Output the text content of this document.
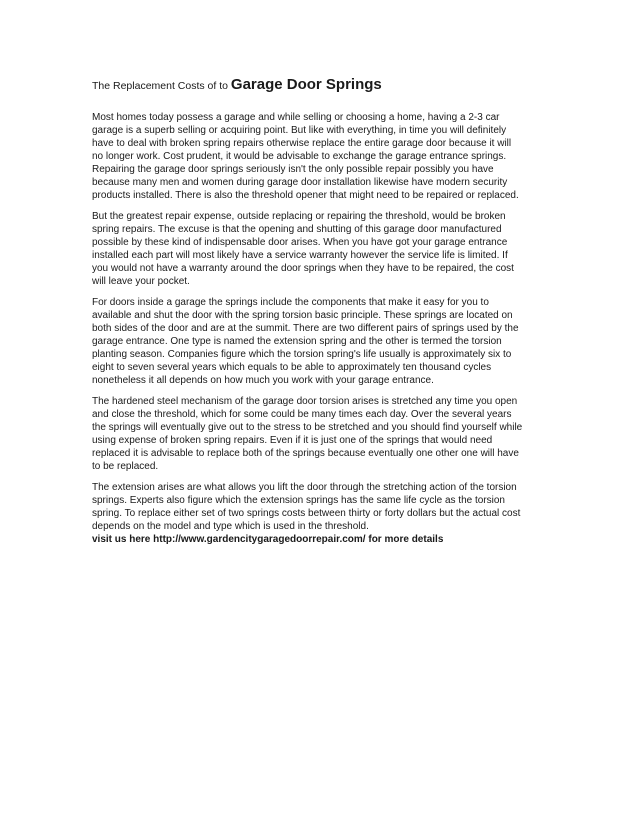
The Replacement Costs of to Garage Door Springs
Most homes today possess a garage and while selling or choosing a home, having a 2-3 car
garage is a superb selling or acquiring point. But like with everything, in time you will definitely
have to deal with broken spring repairs otherwise replace the entire garage door because it will
no longer work. Cost prudent, it would be advisable to exchange the garage entrance springs.
Repairing the garage door springs seriously isn't the only possible repair possibly you have
because many men and women during garage door installation likewise have modern security
products installed. There is also the threshold opener that might need to be repaired or replaced.
But the greatest repair expense, outside replacing or repairing the threshold, would be broken
spring repairs. The excuse is that the opening and shutting of this garage door manufactured
possible by these kind of indispensable door arises. When you have got your garage entrance
installed each part will most likely have a service warranty however the service life is limited. If
you would not have a warranty around the door springs when they have to be repaired, the cost
will leave your pocket.
For doors inside a garage the springs include the components that make it easy for you to
available and shut the door with the spring torsion basic principle. These springs are located on
both sides of the door and are at the summit. There are two different pairs of springs used by the
garage entrance. One type is named the extension spring and the other is termed the torsion
planting season. Companies figure which the torsion spring's life usually is approximately six to
eight to seven several years which equals to be able to approximately ten thousand cycles
nonetheless it all depends on how much you work with your garage entrance.
The hardened steel mechanism of the garage door torsion arises is stretched any time you open
and close the threshold, which for some could be many times each day. Over the several years
the springs will eventually give out to the stress to be stretched and you should find yourself while
using expense of broken spring repairs. Even if it is just one of the springs that would need
replaced it is advisable to replace both of the springs because eventually one other one will have
to be replaced.
The extension arises are what allows you lift the door through the stretching action of the torsion
springs. Experts also figure which the extension springs has the same life cycle as the torsion
spring. To replace either set of two springs costs between thirty or forty dollars but the actual cost
depends on the model and type which is used in the threshold.
visit us here http://www.gardencitygaragedoorrepair.com/ for more details
